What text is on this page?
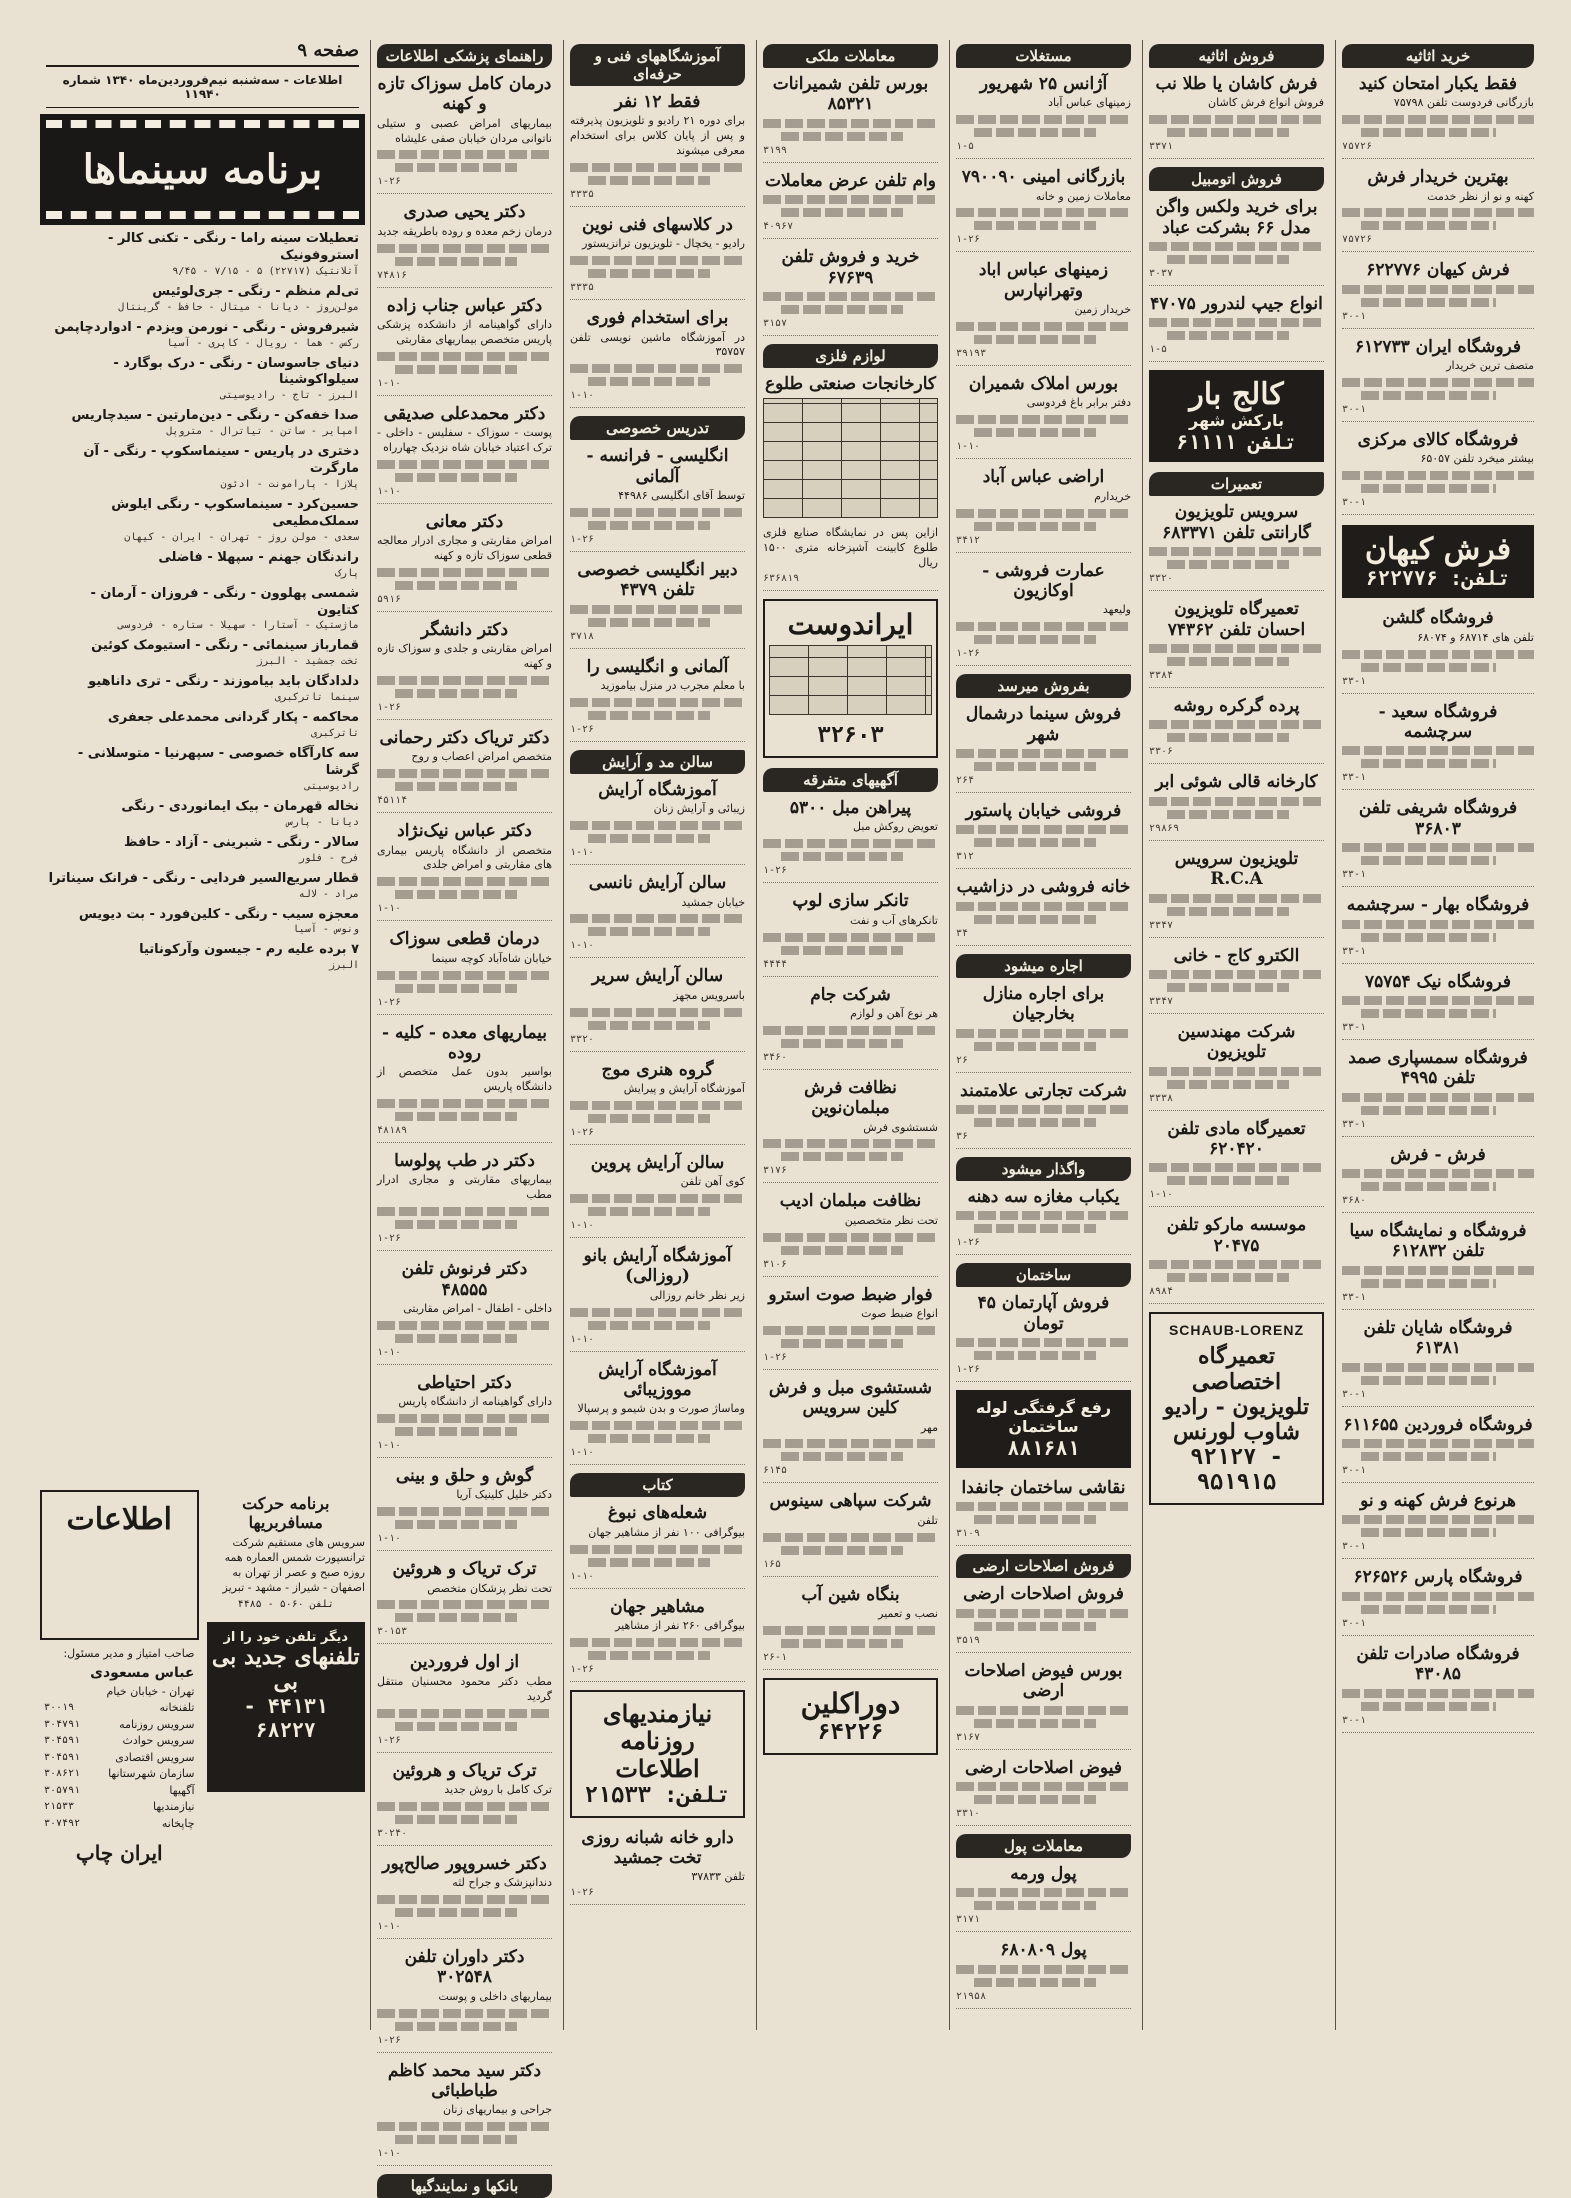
خرید اثاثیه
فقط یکبار امتحان کنید

بازرگانی فردوست تلفن ۷۵۷۹۸

۷۵۷۲۶
بهترین خریدار فرش

کهنه و نو از نظر خدمت

۷۵۷۲۶
فرش کیهان ۶۲۲۷۷۶

۳۰-۱
فروشگاه ایران ۶۱۲۷۳۳

متصف ترین خریدار

۳۰-۱
فروشگاه کالای مرکزی

بیشتر میخرد تلفن ۶۵۰۵۷

۳۰-۱
فرش کیهان
تلفن: ۶۲۲۷۷۶
فروشگاه گلشن

تلفن های ۶۸۷۱۴ و ۶۸۰۷۴

۳۳-۱
فروشگاه سعید - سرچشمه

۳۳-۱
فروشگاه شریفی تلفن ۳۶۸۰۳

۳۳-۱
فروشگاه بهار - سرچشمه

۳۳-۱
فروشگاه نیک ۷۵۷۵۴

۳۳-۱
فروشگاه سمسپاری صمد تلفن ۴۹۹۵

۳۳-۱
فرش - فرش

۳۶۸۰
فروشگاه و نمایشگاه سیا تلفن ۶۱۲۸۳۲

۳۳-۱
فروشگاه شایان تلفن ۶۱۳۸۱

۳۰-۱
فروشگاه فروردین ۶۱۱۶۵۵

۳۰-۱
هرنوع فرش کهنه و نو

۳۰-۱
فروشگاه پارس ۶۲۶۵۲۶

۳۰-۱
فروشگاه صادرات تلفن ۴۳۰۸۵

۳۰-۱
فروش اثاثیه
فرش کاشان یا طلا نب

فروش انواع فرش کاشان

۳۳۷۱
فروش اتومبیل
برای خرید ولکس واگن مدل ۶۶ بشرکت عباد

۳۰۳۷
انواع جیپ لندرور ۴۷۰۷۵

۱-۵
کالج بار
بارکش شهر
تلفن ۶۱۱۱۱
تعمیرات
سرویس تلویزیون گارانتی تلفن ۶۸۳۳۷۱

۳۳۲۰
تعمیرگاه تلویزیون احسان تلفن ۷۴۳۶۲

۳۳۸۴
پرده گرکره روشه

۳۳۰۶
کارخانه قالی شوئی ابر

۲۹۸۶۹
تلویزیون سرویس R.C.A

۳۳۴۷
الکترو کاج - خانی

۳۳۴۷
شرکت مهندسین تلویزیون

۳۳۳۸
تعمیرگاه مادی تلفن ۶۲۰۴۲۰

۱-۱۰
موسسه ماركو تلفن ۲۰۴۷۵

۸۹۸۴
SCHAUB-LORENZ
تعمیرگاه اختصاصی تلویزیون - رادیو شاوب لورنس
۹۲۱۲۷ - ۹۵۱۹۱۵
مستغلات
آژانس ۲۵ شهریور

زمینهای عباس آباد

۱-۵
بازرگانی امینی ۷۹۰۰۹۰

معاملات زمین و خانه

۱-۲۶
زمینهای عباس اباد وتهرانپارس

خریدار زمین

۳۹۱۹۳
بورس املاک شمیران

دفتر برابر باغ فردوسی

۱-۱۰
اراضی عباس آباد

خریدارم

۳۴۱۲
عمارت فروشی - اوکازیون

ولیعهد

۱-۲۶
بفروش میرسد
فروش سینما درشمال شهر

۲۶۴
فروشی خیابان پاستور

۳۱۲
خانه فروشی در دزاشیب

۳۴
اجاره میشود
برای اجاره منازل بخارجیان

۲۶
شرکت تجارتی علامتمند

۳۶
واگذار میشود
یکباب مغازه سه دهنه

۱-۲۶
ساختمان
فروش آپارتمان ۴۵ تومان

۱-۲۶
رفع گرفتگی لوله ساختمان
۸۸۱۶۸۱
نقاشی ساختمان جانفدا

۳۱۰۹
فروش اصلاحات ارضی
فروش اصلاحات ارضی

۳۵۱۹
بورس فیوض اصلاحات ارضی

۳۱۶۷
فیوض اصلاحات ارضی

۳۳۱۰
معاملات پول
پول ورمه

۳۱۷۱
پول ۶۸۰۸۰۹

۲۱۹۵۸
معاملات ملکی
بورس تلفن شمیرانات ۸۵۳۲۱

۳۱۹۹
وام تلفن عرض معاملات

۴۰۹۶۷
خرید و فروش تلفن ۶۷۶۳۹

۳۱۵۷
لوازم فلزی
کارخانجات صنعتی طلوع

ازاین پس در نمایشگاه صنایع فلزی طلوع کابینت آشپزخانه متری ۱۵۰۰ ریال

۶۳۶۸۱۹
ایراندوست
۳۲۶۰۳
آگهیهای متفرقه
پیراهن مبل ۵۳۰۰

تعویض روکش مبل

۱-۲۶
تانکر سازی لوپ

تانکرهای آب و نفت

۴۴۴۴
شرکت جام

هر نوع آهن و لوازم

۳۴۶۰
نظافت فرش مبلمان‌نوین

شستشوی فرش

۳۱۷۶
نظافت مبلمان ادیب

تحت نظر متخصصین

۳۱۰۶
فوار ضبط صوت استرو

انواع ضبط صوت

۱-۲۶
شستشوی مبل و فرش کلین سرویس

مهر

۶۱۴۵
شرکت سپاهی سینوس

تلفن

۱۶۵
بنگاه شین آب

نصب و تعمیر

۲۶-۱
دوراکلین
۶۴۲۲۶
آموزشگاههای فنی و حرفه‌ای
فقط ۱۲ نفر

برای دوره ۲۱ رادیو و تلویزیون پذیرفته و پس از پایان کلاس برای استخدام معرفی میشوند

۳۳۳۵
در کلاسهای فنی نوین

رادیو - یخچال - تلویزیون ترانزیستور

۳۳۳۵
برای استخدام فوری

در آموزشگاه ماشین نویسی تلفن ۳۵۷۵۷

۱-۱۰
تدریس خصوصی
انگلیسی - فرانسه - آلمانی

توسط آقای انگلیسی ۴۴۹۸۶

۱-۲۶
دبیر انگلیسی خصوصی تلفن ۴۳۷۹

۳۷۱۸
آلمانی و انگلیسی را

با معلم مجرب در منزل بیاموزید

۱-۲۶
سالن مد و آرایش
آموزشگاه آرایش

زیبائی و آرایش زنان

۱-۱۰
سالن آرایش نانسی

خیابان جمشید

۱-۱۰
سالن آرایش سریر

باسرویس مجهز

۳۳۲۰
گروه هنری موج

آموزشگاه آرایش و پیرایش

۱-۲۶
سالن آرایش پروین

کوی آهن تلفن

۱-۱۰
آموزشگاه آرایش بانو (روزالی)

زیر نظر خانم روزالی

۱-۱۰
آموزشگاه آرایش مووزیبائی

وماساژ صورت و بدن شیمو و پرسپالا

۱-۱۰
کتاب
شعله‌های نبوغ

بیوگرافی ۱۰۰ نفر از مشاهیر جهان

۱-۱۰
مشاهیر جهان

بیوگرافی ۲۶۰ نفر از مشاهیر

۱-۲۶
نیازمندیهای روزنامه اطلاعات
تلفن: ۲۱۵۳۳
دارو خانه شبانه روزی تخت جمشید

تلفن ۳۷۸۳۳

۱-۲۶
راهنمای پزشکی اطلاعات
درمان کامل سوزاک تازه و کهنه

بیماریهای امراض عصبی و ستیلی ناتوانی مردان خیابان صفی علیشاه

۱-۲۶
دکتر یحیی صدری

درمان زخم معده و روده باطریقه جدید

۷۴۸۱۶
دکتر عباس جناب زاده

دارای گواهینامه از دانشکده پزشکی پاریس متخصص بیماریهای مقاربتی

۱-۱۰
دکتر محمدعلی صدیقی

پوست - سوزاک - سفلیس - داخلی - ترک اعتیاد خیابان شاه نزدیک چهارراه

۱-۱۰
دکتر معانی

امراض مقاربتی و مجاری ادرار معالجه قطعی سوزاک تازه و کهنه

۵۹۱۶
دکتر دانشگر

امراض مقاربتی و جلدی و سوزاک تازه و کهنه

۱-۲۶
دکتر تریاک دکتر رحمانی

متخصص امراض اعصاب و روح

۴۵۱۱۴
دکتر عباس نیک‌نژاد

متخصص از دانشگاه پاریس بیماری های مقاربتی و امراض جلدی

۱-۱۰
درمان قطعی سوزاک

خیابان شاه‌آباد کوچه سینما

۱-۲۶
بیماریهای معده - کلیه - روده

بواسیر بدون عمل متخصص از دانشگاه پاریس

۴۸۱۸۹
دکتر در طب پولوسا

بیماریهای مقاربتی و مجاری ادرار مطب

۱-۲۶
دکتر فرنوش تلفن ۴۸۵۵۵

داخلی - اطفال - امراض مقاربتی

۱-۱۰
دکتر احتیاطی

دارای گواهینامه از دانشگاه پاریس

۱-۱۰
گوش و حلق و بینی

دکتر خلیل کلینیک آریا

۱-۱۰
ترک تریاک و هروئین

تحت نظر پزشکان متخصص

۳۰۱۵۳
از اول فروردین

مطب دکتر محمود محسنیان منتقل گردید

۱-۲۶
ترک تریاک و هروئین

ترک کامل با روش جدید

۳۰۲۴۰
دکتر خسروپور صالح‌پور

دندانپزشک و جراح لثه

۱-۱۰
دکتر داوران تلفن ۳۰۲۵۴۸

بیماریهای داخلی و پوست

۱-۲۶
دکتر سید محمد کاظم طباطبائی

جراحی و بیماریهای زنان

۱-۱۰
بانکها و نمایندگیها
صفحه ۹
اطلاعات - سه‌شنبه نیم‌فروردین‌ماه ۱۳۴۰ شماره ۱۱۹۴۰
برنامه سینماها
تعطیلات سینه راما - رنگی - تکنی کالر - استروفونیک
آتلانتیک (۲۲۷۱۷) ۵ - ۷/۱۵ - ۹/۴۵
تی‌لم منظم - رنگی - جری‌لوئیس
مولن‌روژ - دیانا - میتال - حافظ - گرینتال
شیرفروش - رنگی - نورمن ویزدم - ادواردچاپمن
رکس - هما - رویال - کاپری - آسیا
دنیای جاسوسان - رنگی - درک بوگارد - سیلواکوشینا
البرز - تاج - رادیوسیتی
صدا خفه‌کن - رنگی - دین‌مارتین - سیدچاریس
امپایر - ساتن - تیاترال - متروپل
دختری در پاریس - سینماسکوپ - رنگی - آن مارگرت
پلازا - پارامونت - ادئون
حسین‌کرد - سینماسکوپ - رنگی ایلوش سملک‌مطیعی
سعدی - مولن روژ - تهران - ایران - کیهان
راندنگان جهنم - سپهلا - فاضلی
پارک
شمسی پهلوون - رنگی - فروزان - آرمان - کتایون
ماژستیک - آستارا - سهیلا - ستاره - فردوسی
قمارباز سینمائی - رنگی - استیومک کوئین
تخت جمشید - البرز
دلدادگان باید بیاموزند - رنگی - تری داناهیو
سینما تاترکبری
محاکمه - پکار گردانی محمدعلی جعفری
تاترکبری
سه کارآگاه خصوصی - سپهرنیا - متوسلانی - گرشا
رادیوسیتی
نخاله قهرمان - بیک ایمانوردی - رنگی
دیانا - پارس
سالار - رنگی - شبرینی - آزاد - حافظ
فرح - فلور
قطار سریع‌السیر فردایی - رنگی - فرانک سیناترا
مراد - لاله
معجزه سیب - رنگی - کلین‌فورد - بت دیویس
ونوس - آسیا
۷ برده علیه رم - جیسون وآرکوناتیا
البرز
برنامه حرکت مسافربریها

سرویس های مستقیم شرکت ترانسپورت شمس العماره همه روزه صبح و عصر از تهران به اصفهان - شیراز - مشهد - تبریز

تلفن ۵۰۶۰ - ۴۴۸۵
دیگر تلفن خود را از
تلفنهای جدید بی بی
۴۴۱۳۱ - ۶۸۲۲۷
اطلاعات
صاحب امتیاز و مدیر مسئول:
عباس مسعودی
تهران - خیابان خیام
تلفنخانه
۳۰۰۱۹
سرویس روزنامه
۳۰۴۷۹۱
سرویس حوادث
۳۰۴۵۹۱
سرویس اقتصادی
۳۰۴۵۹۱
سازمان شهرستانها
۳۰۸۶۲۱
آگهیها
۳۰۵۷۹۱
نیازمندیها
۲۱۵۳۳
چاپخانه
۳۰۷۴۹۲
ایران چاپ
